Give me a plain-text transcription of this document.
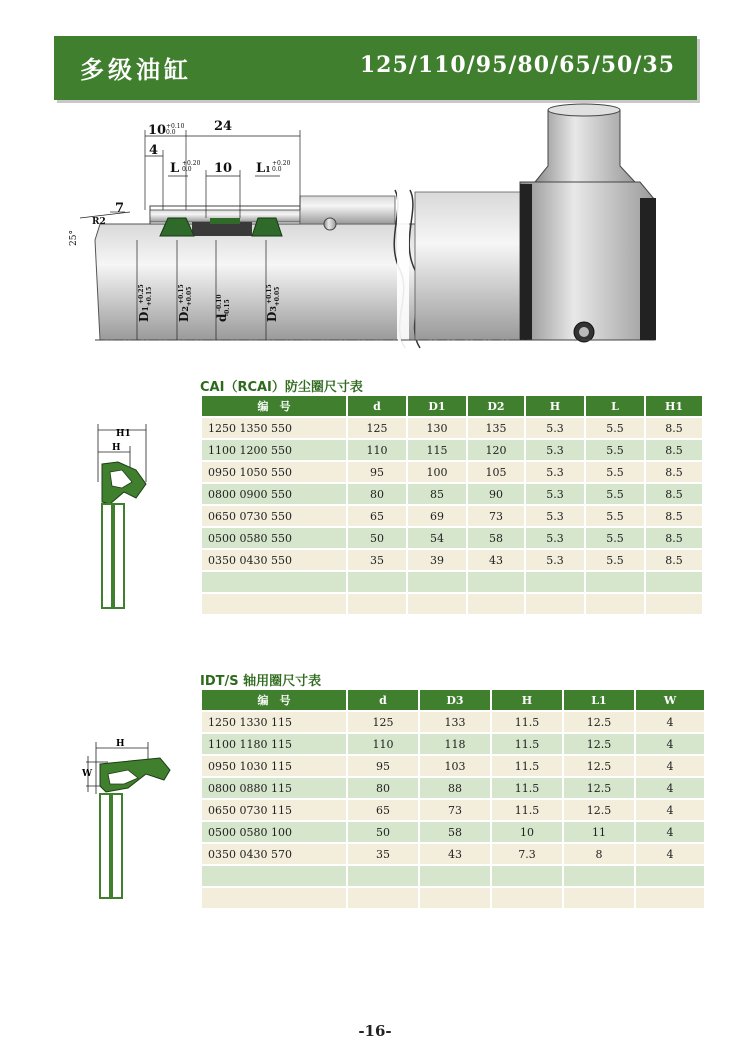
多级油缸	125/110/95/80/65/50/35
10	24
4
L	10 L1
7
R2
+0.10
0.0
+0.20
0.0
+0.20
0.0
25°
D1 $^{+0.25}$+0.15
D2 $^{+0.15}$+0.05
d $^{-0.10}$-0.15
D3 $^{+0.15}$+0.05
CAI（RCAI）防尘圈尺寸表
H1
H
编　号	d	D1	D2	H	L	H1
1250 1350 550	125	130	135	5.3	5.5	8.5
1100 1200 550	110	115	120	5.3	5.5	8.5
0950 1050 550	95	100	105	5.3	5.5	8.5
0800 0900 550	80	85	90	5.3	5.5	8.5
0650 0730 550	65	69	73	5.3	5.5	8.5
0500 0580 550	50	54	58	5.3	5.5	8.5
0350 0430 550	35	39	43	5.3	5.5	8.5

IDT/S 轴用圈尺寸表
H
W
编　号	d	D3	H	L1	W
1250 1330 115	125	133	11.5	12.5	4
1100 1180 115	110	118	11.5	12.5	4
0950 1030 115	95	103	11.5	12.5	4
0800 0880 115	80	88	11.5	12.5	4
0650 0730 115	65	73	11.5	12.5	4
0500 0580 100	50	58	10	11	4
0350 0430 570	35	43	7.3	8	4

-16-
